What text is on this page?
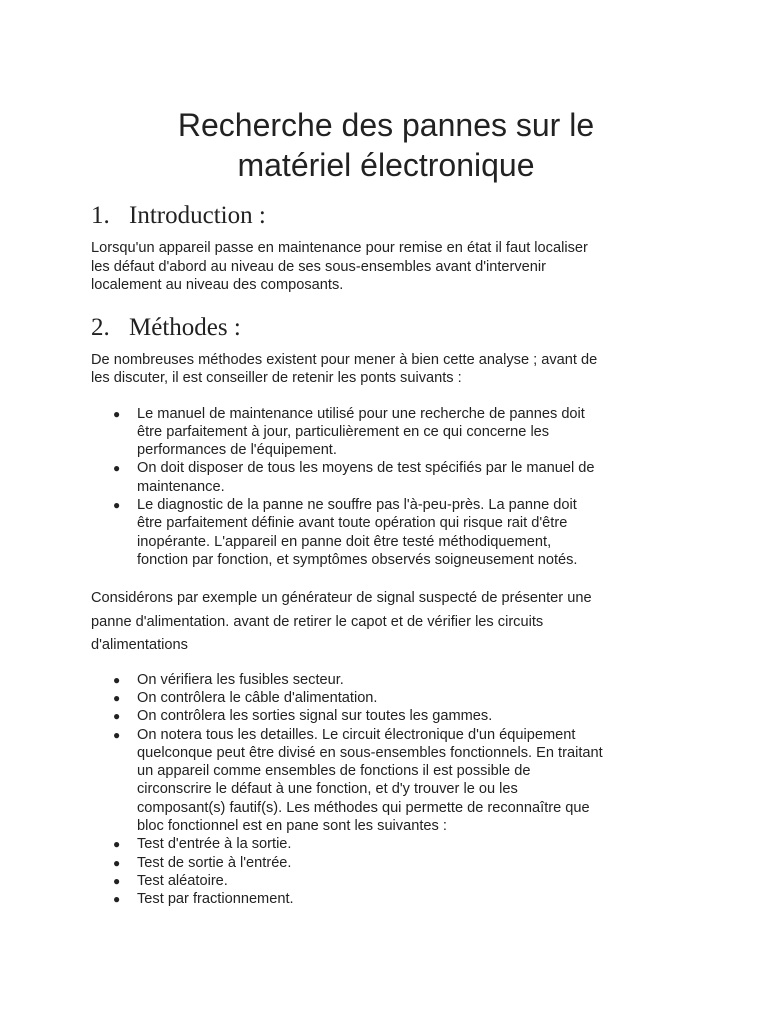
Recherche des pannes sur le
matériel électronique
1. Introduction :

Lorsqu'un appareil passe en maintenance pour remise en état il faut localiser
les défaut d'abord au niveau de ses sous-ensembles avant d'intervenir
localement au niveau des composants.

2. Méthodes :

De nombreuses méthodes existent pour mener à bien cette analyse ; avant de
les discuter, il est conseiller de retenir les ponts suivants :

● Le manuel de maintenance utilisé pour une recherche de pannes doit
être parfaitement à jour, particulièrement en ce qui concerne les
performances de l'équipement.
● On doit disposer de tous les moyens de test spécifiés par le manuel de
maintenance.
● Le diagnostic de la panne ne souffre pas l'à-peu-près. La panne doit
être parfaitement définie avant toute opération qui risque rait d'être
inopérante. L'appareil en panne doit être testé méthodiquement,
fonction par fonction, et symptômes observés soigneusement notés.

Considérons par exemple un générateur de signal suspecté de présenter une
panne d'alimentation. avant de retirer le capot et de vérifier les circuits
d'alimentations

● On vérifiera les fusibles secteur.
● On contrôlera le câble d'alimentation.
● On contrôlera les sorties signal sur toutes les gammes.
● On notera tous les detailles. Le circuit électronique d'un équipement
quelconque peut être divisé en sous-ensembles fonctionnels. En traitant
un appareil comme ensembles de fonctions il est possible de
circonscrire le défaut à une fonction, et d'y trouver le ou les
composant(s) fautif(s). Les méthodes qui permette de reconnaître que
bloc fonctionnel est en pane sont les suivantes :
● Test d'entrée à la sortie.
● Test de sortie à l'entrée.
● Test aléatoire.
● Test par fractionnement.
